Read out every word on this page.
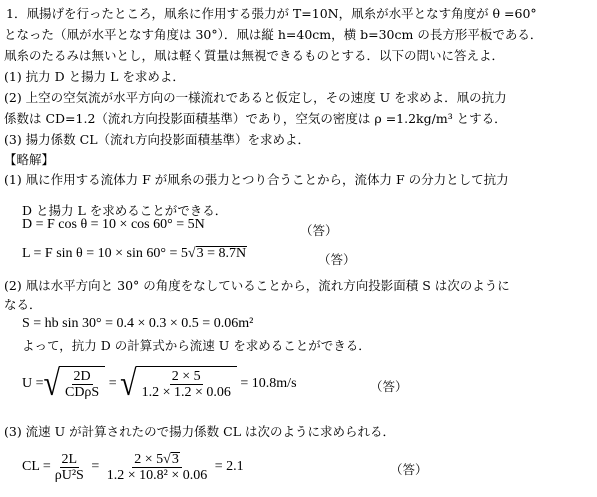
1．凧揚げを行ったところ，凧糸に作用する張力が T=10N，凧糸が水平となす角度が θ =60°
となった（凧が水平となす角度は 30°）．凧は縦 h=40cm，横 b=30cm の長方形平板である．
凧糸のたるみは無いとし，凧は軽く質量は無視できるものとする．以下の問いに答えよ．
(1) 抗力 D と揚力 L を求めよ．
(2) 上空の空気流が水平方向の一様流れであると仮定し，その速度 U を求めよ．凧の抗力
係数は CD=1.2（流れ方向投影面積基準）であり，空気の密度は ρ =1.2kg/m³ とする．
(3) 揚力係数 CL（流れ方向投影面積基準）を求めよ．
【略解】
(1) 凧に作用する流体力 F が凧糸の張力とつり合うことから，流体力 F の分力として抗力
D と揚力 L を求めることができる．
D = F cos θ = 10 × cos 60° = 5N	（答）
L = F sin θ = 10 × sin 60° = 5 √ 3 = 8.7N	（答）
(2) 凧は水平方向と 30° の角度をなしていることから，流れ方向投影面積 S は次のように
なる．
S = hb sin 30° = 0.4 × 0.3 × 0.5 = 0.06m²
よって，抗力 D の計算式から流速 U を求めることができる．
U = √ $\frac{2D}{\text{CDρS}}$ = √ $\frac{2 \times 5}{1.2 \times 1.2 \times 0.06}$
= 10.8m/s	（答）
(3) 流速 U が計算されたので揚力係数 CL は次のように求められる．
CL = $\frac{2L}{\text{ρU²S}} = \frac{2 \times 5 √ 3}{\text{1.2 × 10.8² × 0.06}}$
= 2.1	（答）
